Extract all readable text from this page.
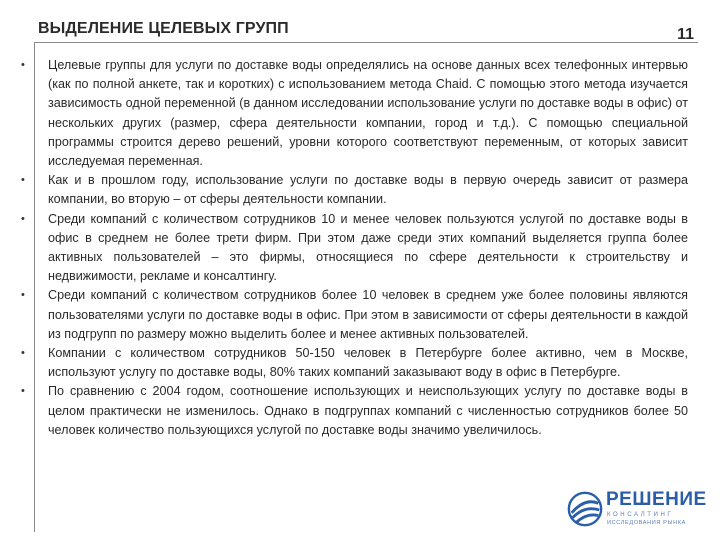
ВЫДЕЛЕНИЕ ЦЕЛЕВЫХ ГРУПП	11
• Целевые группы для услуги по доставке воды определялись на основе данных всех телефонных интервью (как по полной анкете, так и коротких) с использованием метода Chaid. С помощью этого метода изучается зависимость одной переменной (в данном исследовании использование услуги по доставке воды в офис) от нескольких других (размер, сфера деятельности компании, город и т.д.). С помощью специальной программы строится дерево решений, уровни которого соответствуют переменным, от которых зависит исследуемая переменная.
• Как и в прошлом году, использование услуги по доставке воды в первую очередь зависит от размера компании, во вторую – от сферы деятельности компании.
• Среди компаний с количеством сотрудников 10 и менее человек пользуются услугой по доставке воды в офис в среднем не более трети фирм. При этом даже среди этих компаний выделяется группа более активных пользователей – это фирмы, относящиеся по сфере деятельности к строительству и недвижимости, рекламе и консалтингу.
• Среди компаний с количеством сотрудников более 10 человек в среднем уже более половины являются пользователями услуги по доставке воды в офис. При этом в зависимости от сферы деятельности в каждой из подгрупп по размеру можно выделить более и менее активных пользователей.
• Компании с количеством сотрудников 50-150 человек в Петербурге более активно, чем в Москве, используют услугу по доставке воды, 80% таких компаний заказывают воду в офис в Петербурге.
• По сравнению с 2004 годом, соотношение использующих и неиспользующих услугу по доставке воды в целом практически не изменилось. Однако в подгруппах компаний с численностью сотрудников более 50 человек количество пользующихся услугой по доставке воды значимо увеличилось.
РЕШЕНИЕ
КОНСАЛТИНГ
ИССЛЕДОВАНИЯ РЫНКА
